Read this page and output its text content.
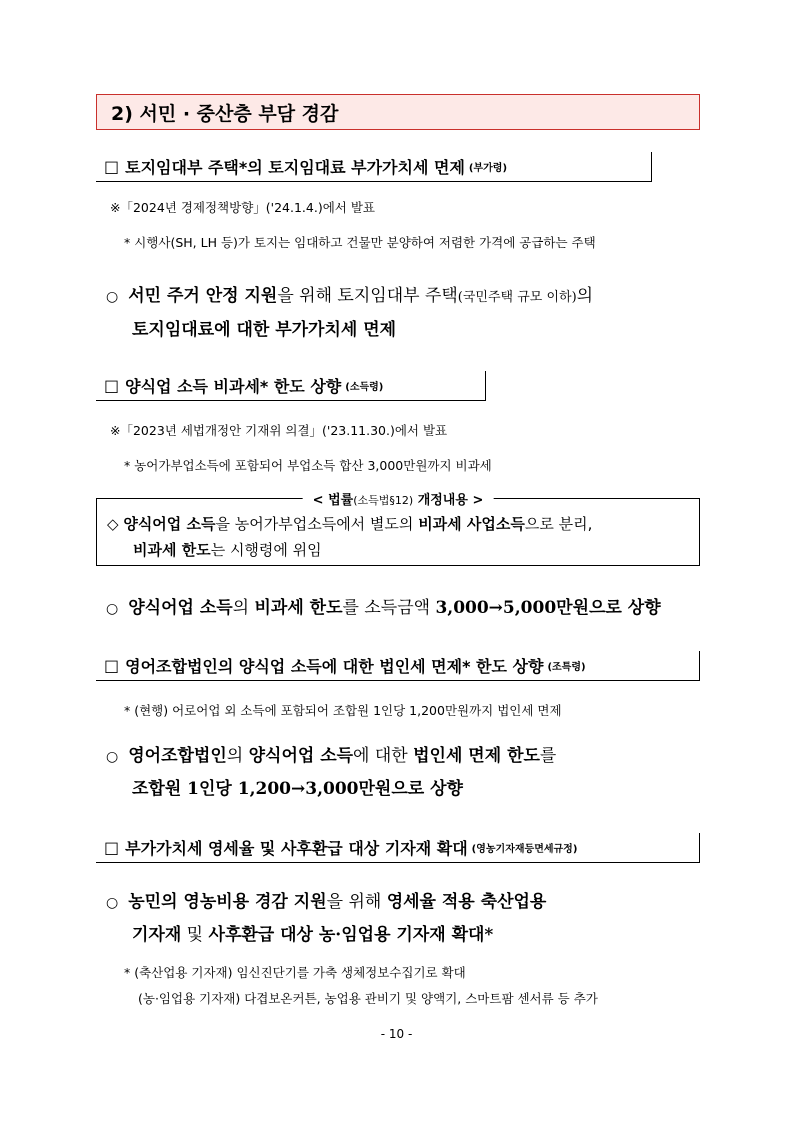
2) 서민 · 중산층 부담 경감
□ 토지임대부 주택*의 토지임대료 부가가치세 면제 (부가령)
※「2024년 경제정책방향」('24.1.4.)에서 발표
* 시행사(SH, LH 등)가 토지는 임대하고 건물만 분양하여 저렴한 가격에 공급하는 주택
○ 서민 주거 안정 지원을 위해 토지임대부 주택(국민주택 규모 이하)의
토지임대료에 대한 부가가치세 면제
□ 양식업 소득 비과세* 한도 상향 (소득령)
※「2023년 세법개정안 기재위 의결」('23.11.30.)에서 발표
* 농어가부업소득에 포함되어 부업소득 합산 3,000만원까지 비과세
< 법률(소득법§12) 개정내용 >
◇ 양식어업 소득을 농어가부업소득에서 별도의 비과세 사업소득으로 분리,
비과세 한도는 시행령에 위임
○ 양식어업 소득의 비과세 한도를 소득금액 3,000→5,000만원으로 상향
□ 영어조합법인의 양식업 소득에 대한 법인세 면제* 한도 상향 (조특령)
* (현행) 어로어업 외 소득에 포함되어 조합원 1인당 1,200만원까지 법인세 면제
○ 영어조합법인의 양식어업 소득에 대한 법인세 면제 한도를
조합원 1인당 1,200→3,000만원으로 상향
□ 부가가치세 영세율 및 사후환급 대상 기자재 확대 (영농기자재등면세규정)
○ 농민의 영농비용 경감 지원을 위해 영세율 적용 축산업용
기자재 및 사후환급 대상 농·임업용 기자재 확대*
* (축산업용 기자재) 임신진단기를 가축 생체정보수집기로 확대
(농·임업용 기자재) 다겹보온커튼, 농업용 관비기 및 양액기, 스마트팜 센서류 등 추가
- 10 -
